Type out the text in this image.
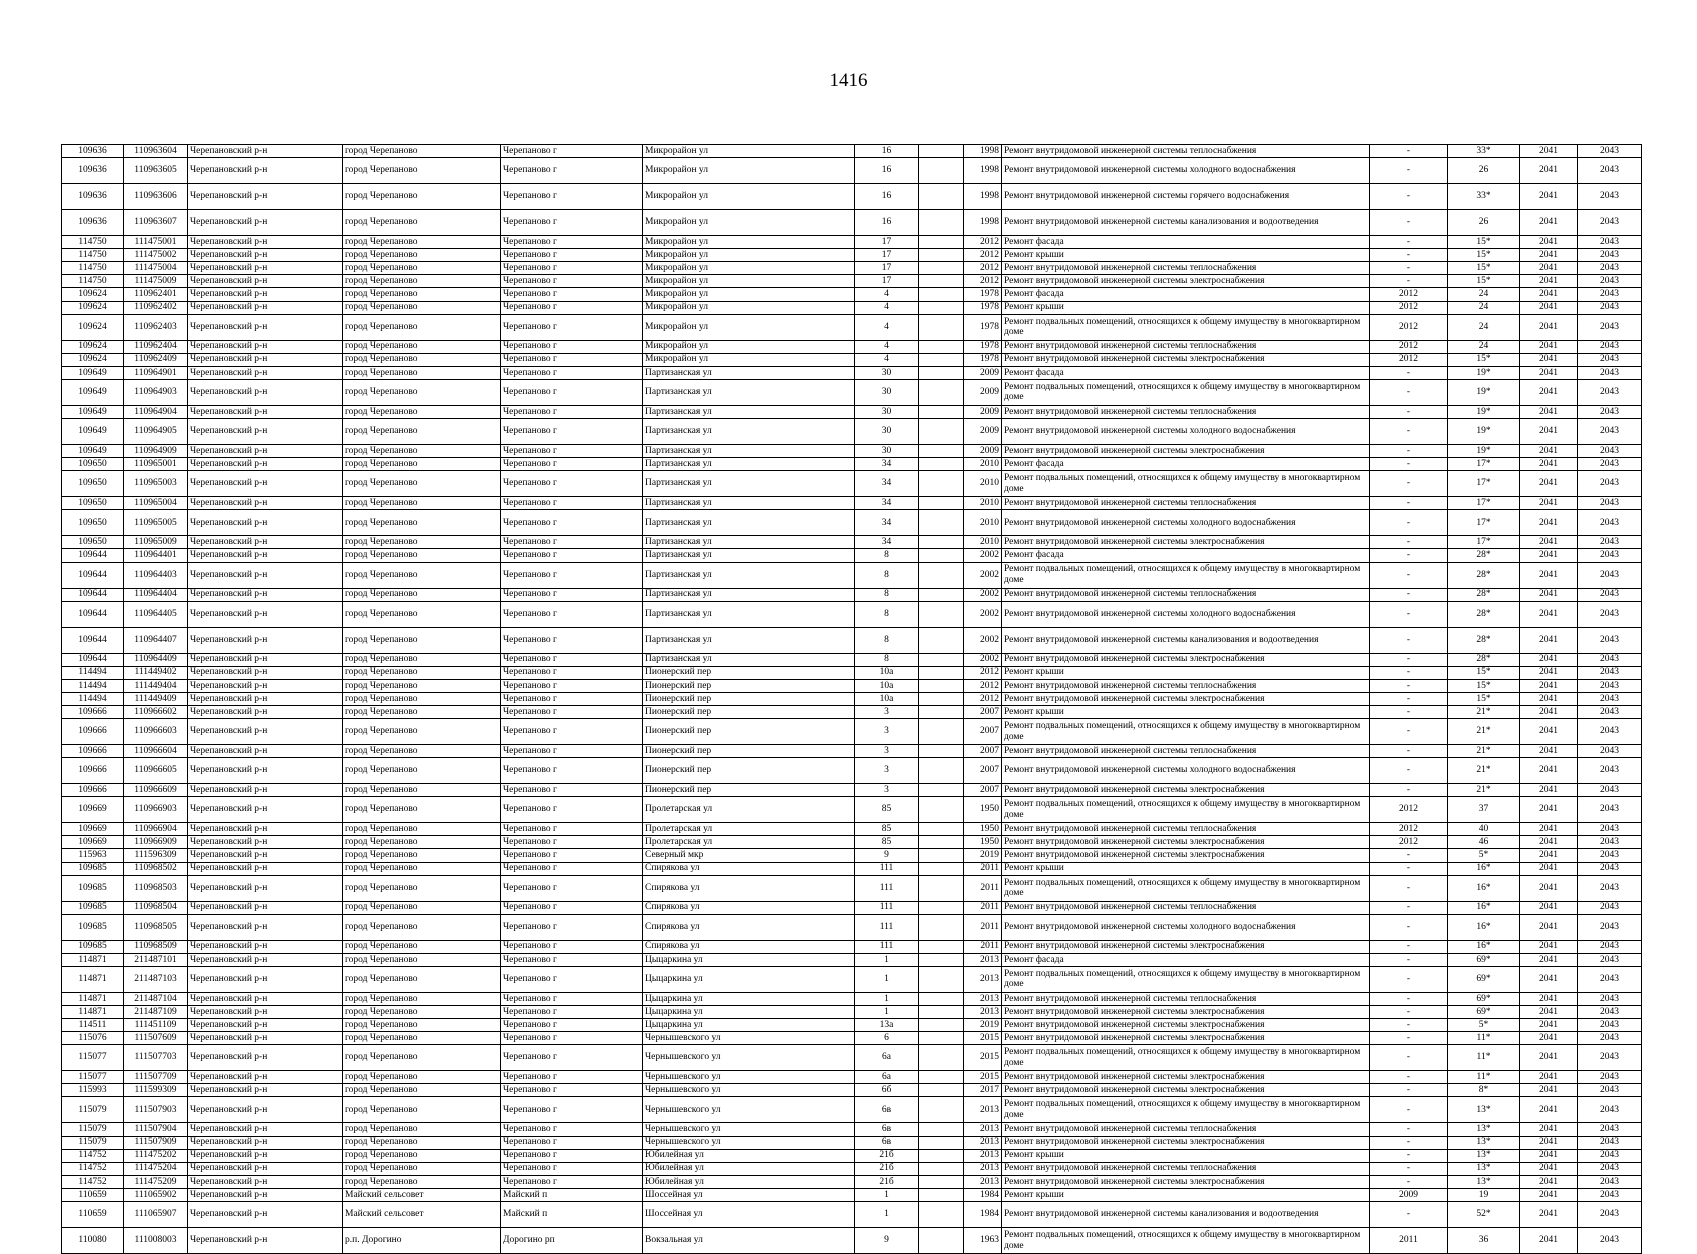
1416
109636	110963604	Черепановский р-н	город Черепаново	Черепаново г	Микрорайон ул	16		1998	Ремонт внутридомовой инженерной системы теплоснабжения	-	33*	2041	2043
109636	110963605	Черепановский р-н	город Черепаново	Черепаново г	Микрорайон ул	16		1998	Ремонт внутридомовой инженерной системы холодного водоснабжения	-	26	2041	2043
109636	110963606	Черепановский р-н	город Черепаново	Черепаново г	Микрорайон ул	16		1998	Ремонт внутридомовой инженерной системы горячего водоснабжения	-	33*	2041	2043
109636	110963607	Черепановский р-н	город Черепаново	Черепаново г	Микрорайон ул	16		1998	Ремонт внутридомовой инженерной системы канализования и водоотведения	-	26	2041	2043
114750	111475001	Черепановский р-н	город Черепаново	Черепаново г	Микрорайон ул	17		2012	Ремонт фасада	-	15*	2041	2043
114750	111475002	Черепановский р-н	город Черепаново	Черепаново г	Микрорайон ул	17		2012	Ремонт крыши	-	15*	2041	2043
114750	111475004	Черепановский р-н	город Черепаново	Черепаново г	Микрорайон ул	17		2012	Ремонт внутридомовой инженерной системы теплоснабжения	-	15*	2041	2043
114750	111475009	Черепановский р-н	город Черепаново	Черепаново г	Микрорайон ул	17		2012	Ремонт внутридомовой инженерной системы электроснабжения	-	15*	2041	2043
109624	110962401	Черепановский р-н	город Черепаново	Черепаново г	Микрорайон ул	4		1978	Ремонт фасада	2012	24	2041	2043
109624	110962402	Черепановский р-н	город Черепаново	Черепаново г	Микрорайон ул	4		1978	Ремонт крыши	2012	24	2041	2043
109624	110962403	Черепановский р-н	город Черепаново	Черепаново г	Микрорайон ул	4		1978	Ремонт подвальных помещений, относящихся к общему имуществу в многоквартирном доме	2012	24	2041	2043
109624	110962404	Черепановский р-н	город Черепаново	Черепаново г	Микрорайон ул	4		1978	Ремонт внутридомовой инженерной системы теплоснабжения	2012	24	2041	2043
109624	110962409	Черепановский р-н	город Черепаново	Черепаново г	Микрорайон ул	4		1978	Ремонт внутридомовой инженерной системы электроснабжения	2012	15*	2041	2043
109649	110964901	Черепановский р-н	город Черепаново	Черепаново г	Партизанская ул	30		2009	Ремонт фасада	-	19*	2041	2043
109649	110964903	Черепановский р-н	город Черепаново	Черепаново г	Партизанская ул	30		2009	Ремонт подвальных помещений, относящихся к общему имуществу в многоквартирном доме	-	19*	2041	2043
109649	110964904	Черепановский р-н	город Черепаново	Черепаново г	Партизанская ул	30		2009	Ремонт внутридомовой инженерной системы теплоснабжения	-	19*	2041	2043
109649	110964905	Черепановский р-н	город Черепаново	Черепаново г	Партизанская ул	30		2009	Ремонт внутридомовой инженерной системы холодного водоснабжения	-	19*	2041	2043
109649	110964909	Черепановский р-н	город Черепаново	Черепаново г	Партизанская ул	30		2009	Ремонт внутридомовой инженерной системы электроснабжения	-	19*	2041	2043
109650	110965001	Черепановский р-н	город Черепаново	Черепаново г	Партизанская ул	34		2010	Ремонт фасада	-	17*	2041	2043
109650	110965003	Черепановский р-н	город Черепаново	Черепаново г	Партизанская ул	34		2010	Ремонт подвальных помещений, относящихся к общему имуществу в многоквартирном доме	-	17*	2041	2043
109650	110965004	Черепановский р-н	город Черепаново	Черепаново г	Партизанская ул	34		2010	Ремонт внутридомовой инженерной системы теплоснабжения	-	17*	2041	2043
109650	110965005	Черепановский р-н	город Черепаново	Черепаново г	Партизанская ул	34		2010	Ремонт внутридомовой инженерной системы холодного водоснабжения	-	17*	2041	2043
109650	110965009	Черепановский р-н	город Черепаново	Черепаново г	Партизанская ул	34		2010	Ремонт внутридомовой инженерной системы электроснабжения	-	17*	2041	2043
109644	110964401	Черепановский р-н	город Черепаново	Черепаново г	Партизанская ул	8		2002	Ремонт фасада	-	28*	2041	2043
109644	110964403	Черепановский р-н	город Черепаново	Черепаново г	Партизанская ул	8		2002	Ремонт подвальных помещений, относящихся к общему имуществу в многоквартирном доме	-	28*	2041	2043
109644	110964404	Черепановский р-н	город Черепаново	Черепаново г	Партизанская ул	8		2002	Ремонт внутридомовой инженерной системы теплоснабжения	-	28*	2041	2043
109644	110964405	Черепановский р-н	город Черепаново	Черепаново г	Партизанская ул	8		2002	Ремонт внутридомовой инженерной системы холодного водоснабжения	-	28*	2041	2043
109644	110964407	Черепановский р-н	город Черепаново	Черепаново г	Партизанская ул	8		2002	Ремонт внутридомовой инженерной системы канализования и водоотведения	-	28*	2041	2043
109644	110964409	Черепановский р-н	город Черепаново	Черепаново г	Партизанская ул	8		2002	Ремонт внутридомовой инженерной системы электроснабжения	-	28*	2041	2043
114494	111449402	Черепановский р-н	город Черепаново	Черепаново г	Пионерский пер	10а		2012	Ремонт крыши	-	15*	2041	2043
114494	111449404	Черепановский р-н	город Черепаново	Черепаново г	Пионерский пер	10а		2012	Ремонт внутридомовой инженерной системы теплоснабжения	-	15*	2041	2043
114494	111449409	Черепановский р-н	город Черепаново	Черепаново г	Пионерский пер	10а		2012	Ремонт внутридомовой инженерной системы электроснабжения	-	15*	2041	2043
109666	110966602	Черепановский р-н	город Черепаново	Черепаново г	Пионерский пер	3		2007	Ремонт крыши	-	21*	2041	2043
109666	110966603	Черепановский р-н	город Черепаново	Черепаново г	Пионерский пер	3		2007	Ремонт подвальных помещений, относящихся к общему имуществу в многоквартирном доме	-	21*	2041	2043
109666	110966604	Черепановский р-н	город Черепаново	Черепаново г	Пионерский пер	3		2007	Ремонт внутридомовой инженерной системы теплоснабжения	-	21*	2041	2043
109666	110966605	Черепановский р-н	город Черепаново	Черепаново г	Пионерский пер	3		2007	Ремонт внутридомовой инженерной системы холодного водоснабжения	-	21*	2041	2043
109666	110966609	Черепановский р-н	город Черепаново	Черепаново г	Пионерский пер	3		2007	Ремонт внутридомовой инженерной системы электроснабжения	-	21*	2041	2043
109669	110966903	Черепановский р-н	город Черепаново	Черепаново г	Пролетарская ул	85		1950	Ремонт подвальных помещений, относящихся к общему имуществу в многоквартирном доме	2012	37	2041	2043
109669	110966904	Черепановский р-н	город Черепаново	Черепаново г	Пролетарская ул	85		1950	Ремонт внутридомовой инженерной системы теплоснабжения	2012	40	2041	2043
109669	110966909	Черепановский р-н	город Черепаново	Черепаново г	Пролетарская ул	85		1950	Ремонт внутридомовой инженерной системы электроснабжения	2012	46	2041	2043
115963	111596309	Черепановский р-н	город Черепаново	Черепаново г	Северный мкр	9		2019	Ремонт внутридомовой инженерной системы электроснабжения	-	5*	2041	2043
109685	110968502	Черепановский р-н	город Черепаново	Черепаново г	Спирякова ул	111		2011	Ремонт крыши	-	16*	2041	2043
109685	110968503	Черепановский р-н	город Черепаново	Черепаново г	Спирякова ул	111		2011	Ремонт подвальных помещений, относящихся к общему имуществу в многоквартирном доме	-	16*	2041	2043
109685	110968504	Черепановский р-н	город Черепаново	Черепаново г	Спирякова ул	111		2011	Ремонт внутридомовой инженерной системы теплоснабжения	-	16*	2041	2043
109685	110968505	Черепановский р-н	город Черепаново	Черепаново г	Спирякова ул	111		2011	Ремонт внутридомовой инженерной системы холодного водоснабжения	-	16*	2041	2043
109685	110968509	Черепановский р-н	город Черепаново	Черепаново г	Спирякова ул	111		2011	Ремонт внутридомовой инженерной системы электроснабжения	-	16*	2041	2043
114871	211487101	Черепановский р-н	город Черепаново	Черепаново г	Цыцаркина ул	1		2013	Ремонт фасада	-	69*	2041	2043
114871	211487103	Черепановский р-н	город Черепаново	Черепаново г	Цыцаркина ул	1		2013	Ремонт подвальных помещений, относящихся к общему имуществу в многоквартирном доме	-	69*	2041	2043
114871	211487104	Черепановский р-н	город Черепаново	Черепаново г	Цыцаркина ул	1		2013	Ремонт внутридомовой инженерной системы теплоснабжения	-	69*	2041	2043
114871	211487109	Черепановский р-н	город Черепаново	Черепаново г	Цыцаркина ул	1		2013	Ремонт внутридомовой инженерной системы электроснабжения	-	69*	2041	2043
114511	111451109	Черепановский р-н	город Черепаново	Черепаново г	Цыцаркина ул	13а		2019	Ремонт внутридомовой инженерной системы электроснабжения	-	5*	2041	2043
115076	111507609	Черепановский р-н	город Черепаново	Черепаново г	Чернышевского ул	6		2015	Ремонт внутридомовой инженерной системы электроснабжения	-	11*	2041	2043
115077	111507703	Черепановский р-н	город Черепаново	Черепаново г	Чернышевского ул	6а		2015	Ремонт подвальных помещений, относящихся к общему имуществу в многоквартирном доме	-	11*	2041	2043
115077	111507709	Черепановский р-н	город Черепаново	Черепаново г	Чернышевского ул	6а		2015	Ремонт внутридомовой инженерной системы электроснабжения	-	11*	2041	2043
115993	111599309	Черепановский р-н	город Черепаново	Черепаново г	Чернышевского ул	6б		2017	Ремонт внутридомовой инженерной системы электроснабжения	-	8*	2041	2043
115079	111507903	Черепановский р-н	город Черепаново	Черепаново г	Чернышевского ул	6в		2013	Ремонт подвальных помещений, относящихся к общему имуществу в многоквартирном доме	-	13*	2041	2043
115079	111507904	Черепановский р-н	город Черепаново	Черепаново г	Чернышевского ул	6в		2013	Ремонт внутридомовой инженерной системы теплоснабжения	-	13*	2041	2043
115079	111507909	Черепановский р-н	город Черепаново	Черепаново г	Чернышевского ул	6в		2013	Ремонт внутридомовой инженерной системы электроснабжения	-	13*	2041	2043
114752	111475202	Черепановский р-н	город Черепаново	Черепаново г	Юбилейная ул	21б		2013	Ремонт крыши	-	13*	2041	2043
114752	111475204	Черепановский р-н	город Черепаново	Черепаново г	Юбилейная ул	21б		2013	Ремонт внутридомовой инженерной системы теплоснабжения	-	13*	2041	2043
114752	111475209	Черепановский р-н	город Черепаново	Черепаново г	Юбилейная ул	21б		2013	Ремонт внутридомовой инженерной системы электроснабжения	-	13*	2041	2043
110659	111065902	Черепановский р-н	Майский сельсовет	Майский п	Шоссейная ул	1		1984	Ремонт крыши	2009	19	2041	2043
110659	111065907	Черепановский р-н	Майский сельсовет	Майский п	Шоссейная ул	1		1984	Ремонт внутридомовой инженерной системы канализования и водоотведения	-	52*	2041	2043
110080	111008003	Черепановский р-н	р.п. Дорогино	Дорогино рп	Вокзальная ул	9		1963	Ремонт подвальных помещений, относящихся к общему имуществу в многоквартирном доме	2011	36	2041	2043
